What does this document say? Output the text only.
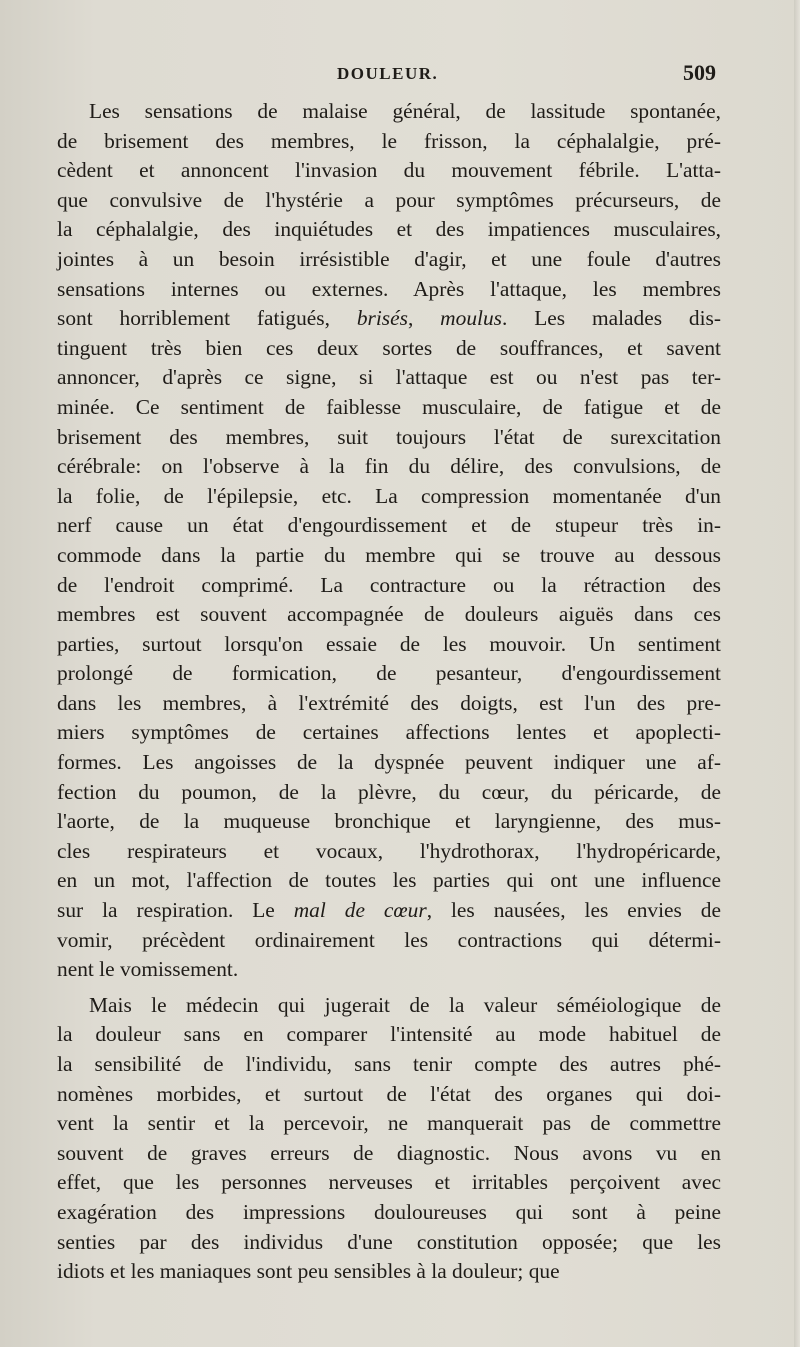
DOULEUR.	509
Les sensations de malaise général, de lassitude spontanée,
de brisement des membres, le frisson, la céphalalgie, pré-
cèdent et annoncent l'invasion du mouvement fébrile. L'atta-
que convulsive de l'hystérie a pour symptômes précurseurs, de
la céphalalgie, des inquiétudes et des impatiences musculaires,
jointes à un besoin irrésistible d'agir, et une foule d'autres
sensations internes ou externes. Après l'attaque, les membres
sont horriblement fatigués, brisés, moulus. Les malades dis-
tinguent très bien ces deux sortes de souffrances, et savent
annoncer, d'après ce signe, si l'attaque est ou n'est pas ter-
minée. Ce sentiment de faiblesse musculaire, de fatigue et de
brisement des membres, suit toujours l'état de surexcitation
cérébrale: on l'observe à la fin du délire, des convulsions, de
la folie, de l'épilepsie, etc. La compression momentanée d'un
nerf cause un état d'engourdissement et de stupeur très in-
commode dans la partie du membre qui se trouve au dessous
de l'endroit comprimé. La contracture ou la rétraction des
membres est souvent accompagnée de douleurs aiguës dans ces
parties, surtout lorsqu'on essaie de les mouvoir. Un sentiment
prolongé de formication, de pesanteur, d'engourdissement
dans les membres, à l'extrémité des doigts, est l'un des pre-
miers symptômes de certaines affections lentes et apoplecti-
formes. Les angoisses de la dyspnée peuvent indiquer une af-
fection du poumon, de la plèvre, du cœur, du péricarde, de
l'aorte, de la muqueuse bronchique et laryngienne, des mus-
cles respirateurs et vocaux, l'hydrothorax, l'hydropéricarde,
en un mot, l'affection de toutes les parties qui ont une influence
sur la respiration. Le mal de cœur, les nausées, les envies de
vomir, précèdent ordinairement les contractions qui détermi-
nent le vomissement.
Mais le médecin qui jugerait de la valeur séméiologique de
la douleur sans en comparer l'intensité au mode habituel de
la sensibilité de l'individu, sans tenir compte des autres phé-
nomènes morbides, et surtout de l'état des organes qui doi-
vent la sentir et la percevoir, ne manquerait pas de commettre
souvent de graves erreurs de diagnostic. Nous avons vu en
effet, que les personnes nerveuses et irritables perçoivent avec
exagération des impressions douloureuses qui sont à peine
senties par des individus d'une constitution opposée; que les
idiots et les maniaques sont peu sensibles à la douleur; que
